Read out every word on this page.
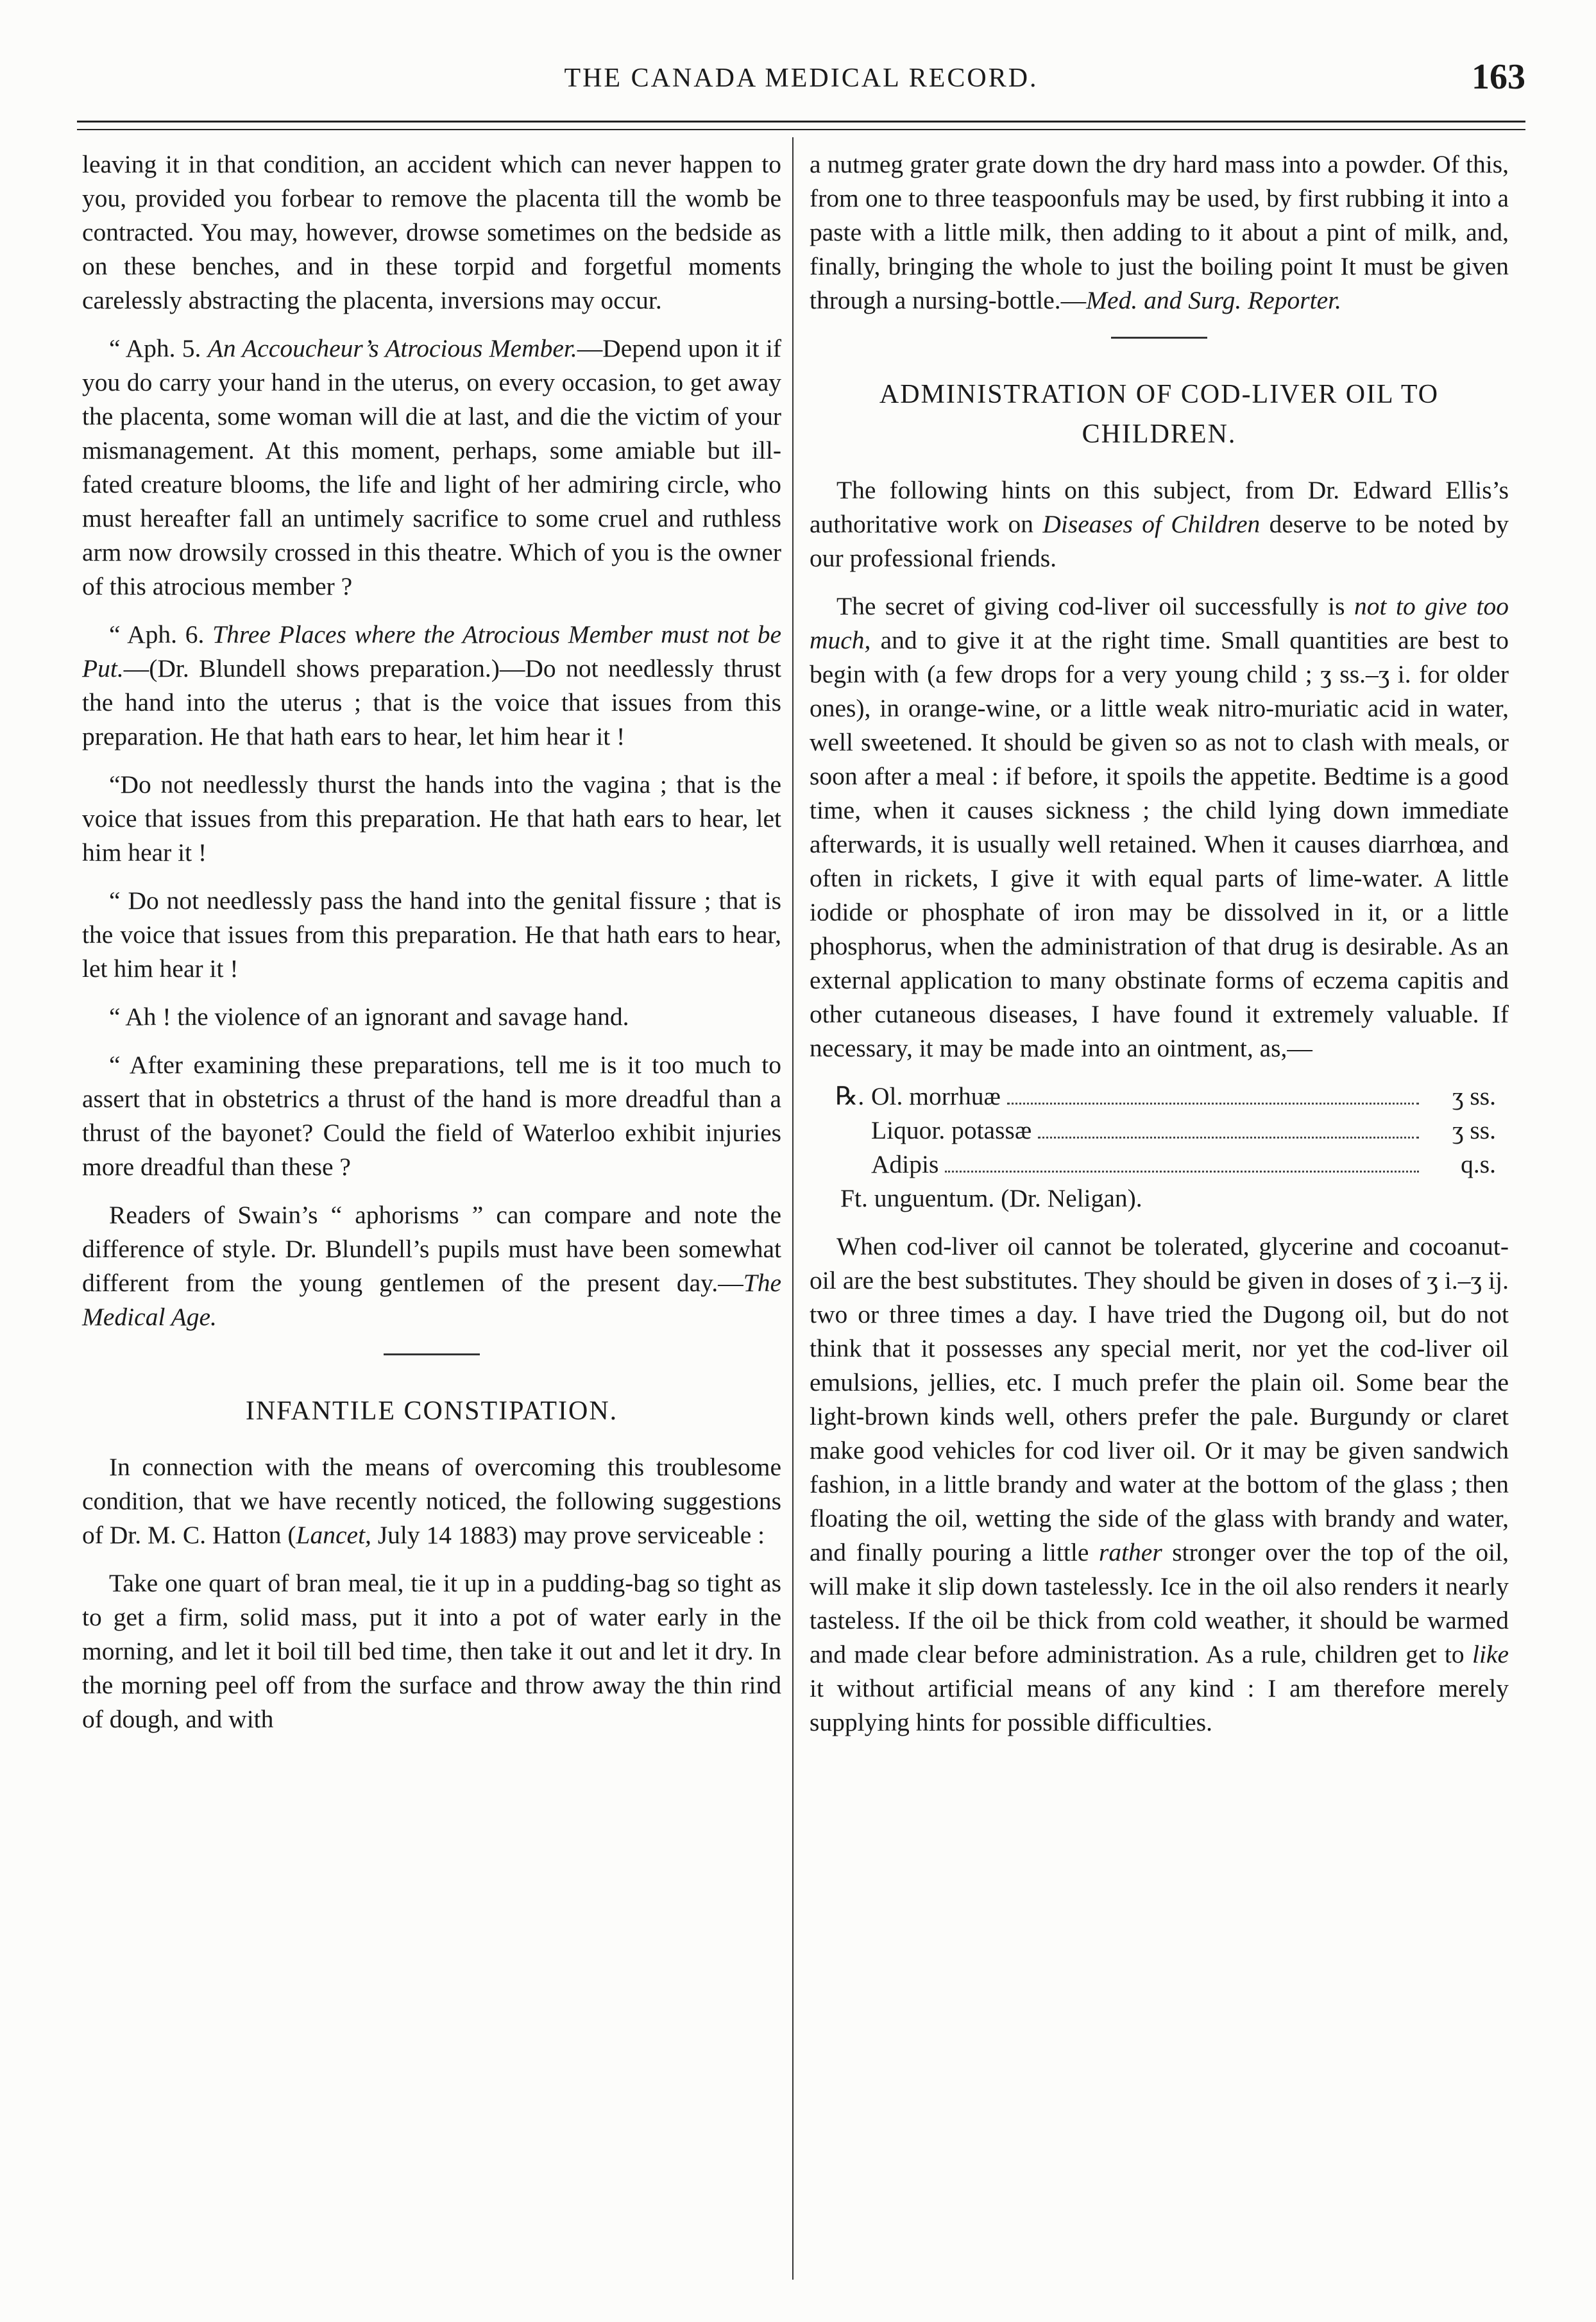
THE CANADA MEDICAL RECORD.	163

leaving it in that condition, an accident which can never happen to you, provided you forbear to remove the placenta till the womb be contracted. You may, however, drowse sometimes on the bedside as on these benches, and in these torpid and forgetful moments carelessly abstracting the placenta, inversions may occur.

“ Aph. 5. An Accoucheur’s Atrocious Member.—Depend upon it if you do carry your hand in the uterus, on every occasion, to get away the placenta, some woman will die at last, and die the victim of your mismanagement. At this moment, perhaps, some amiable but ill-fated creature blooms, the life and light of her admiring circle, who must hereafter fall an untimely sacrifice to some cruel and ruthless arm now drowsily crossed in this theatre. Which of you is the owner of this atrocious member ?

“ Aph. 6. Three Places where the Atrocious Member must not be Put.—(Dr. Blundell shows preparation.)—Do not needlessly thrust the hand into the uterus ; that is the voice that issues from this preparation. He that hath ears to hear, let him hear it !

“Do not needlessly thurst the hands into the vagina ; that is the voice that issues from this preparation. He that hath ears to hear, let him hear it !

“ Do not needlessly pass the hand into the genital fissure ; that is the voice that issues from this preparation. He that hath ears to hear, let him hear it !

“ Ah ! the violence of an ignorant and savage hand.

“ After examining these preparations, tell me is it too much to assert that in obstetrics a thrust of the hand is more dreadful than a thrust of the bayonet? Could the field of Waterloo exhibit injuries more dreadful than these ?

Readers of Swain’s “ aphorisms ” can compare and note the difference of style. Dr. Blundell’s pupils must have been somewhat different from the young gentlemen of the present day.—The Medical Age.

INFANTILE CONSTIPATION.

In connection with the means of overcoming this troublesome condition, that we have recently noticed, the following suggestions of Dr. M. C. Hatton (Lancet, July 14 1883) may prove serviceable :

Take one quart of bran meal, tie it up in a pudding-bag so tight as to get a firm, solid mass, put it into a pot of water early in the morning, and let it boil till bed time, then take it out and let it dry. In the morning peel off from the surface and throw away the thin rind of dough, and with

a nutmeg grater grate down the dry hard mass into a powder. Of this, from one to three teaspoonfuls may be used, by first rubbing it into a paste with a little milk, then adding to it about a pint of milk, and, finally, bringing the whole to just the boiling point It must be given through a nursing-bottle.—Med. and Surg. Reporter.

ADMINISTRATION OF COD-LIVER OIL TO CHILDREN.

The following hints on this subject, from Dr. Edward Ellis’s authoritative work on Diseases of Children deserve to be noted by our professional friends.

The secret of giving cod-liver oil successfully is not to give too much, and to give it at the right time. Small quantities are best to begin with (a few drops for a very young child ; ʒ ss.–ʒ i. for older ones), in orange-wine, or a little weak nitro-muriatic acid in water, well sweetened. It should be given so as not to clash with meals, or soon after a meal : if before, it spoils the appetite. Bedtime is a good time, when it causes sickness ; the child lying down immediate afterwards, it is usually well retained. When it causes diarrhœa, and often in rickets, I give it with equal parts of lime-water. A little iodide or phosphate of iron may be dissolved in it, or a little phosphorus, when the administration of that drug is desirable. As an external application to many obstinate forms of eczema capitis and other cutaneous diseases, I have found it extremely valuable. If necessary, it may be made into an ointment, as,—

℞. Ol. morrhuæ	ʒ ss.
Liquor. potassæ	ʒ ss.
Adipis	q.s.
Ft. unguentum. (Dr. Neligan).

When cod-liver oil cannot be tolerated, glycerine and cocoanut-oil are the best substitutes. They should be given in doses of ʒ i.–ʒ ij. two or three times a day. I have tried the Dugong oil, but do not think that it possesses any special merit, nor yet the cod-liver oil emulsions, jellies, etc. I much prefer the plain oil. Some bear the light-brown kinds well, others prefer the pale. Burgundy or claret make good vehicles for cod liver oil. Or it may be given sandwich fashion, in a little brandy and water at the bottom of the glass ; then floating the oil, wetting the side of the glass with brandy and water, and finally pouring a little rather stronger over the top of the oil, will make it slip down tastelessly. Ice in the oil also renders it nearly tasteless. If the oil be thick from cold weather, it should be warmed and made clear before administration. As a rule, children get to like it without artificial means of any kind : I am therefore merely supplying hints for possible difficulties.
